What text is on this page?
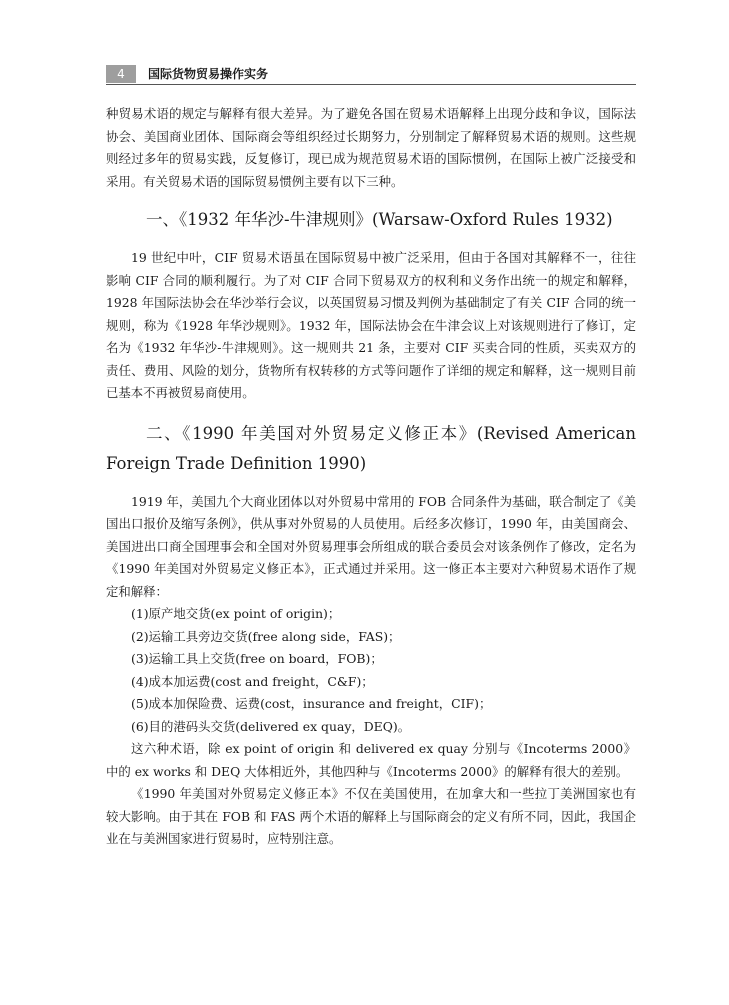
4	国际货物贸易操作实务

种贸易术语的规定与解释有很大差异。为了避免各国在贸易术语解释上出现分歧和争议，国际法协会、美国商业团体、国际商会等组织经过长期努力，分别制定了解释贸易术语的规则。这些规则经过多年的贸易实践，反复修订，现已成为规范贸易术语的国际惯例，在国际上被广泛接受和采用。有关贸易术语的国际贸易惯例主要有以下三种。

一、《1932 年华沙-牛津规则》(Warsaw-Oxford Rules 1932)

19 世纪中叶，CIF 贸易术语虽在国际贸易中被广泛采用，但由于各国对其解释不一，往往影响 CIF 合同的顺利履行。为了对 CIF 合同下贸易双方的权利和义务作出统一的规定和解释，1928 年国际法协会在华沙举行会议，以英国贸易习惯及判例为基础制定了有关 CIF 合同的统一规则，称为《1928 年华沙规则》。1932 年，国际法协会在牛津会议上对该规则进行了修订，定名为《1932 年华沙-牛津规则》。这一规则共 21 条，主要对 CIF 买卖合同的性质，买卖双方的责任、费用、风险的划分，货物所有权转移的方式等问题作了详细的规定和解释，这一规则目前已基本不再被贸易商使用。

二、《1990 年美国对外贸易定义修正本》(Revised American Foreign Trade Definition 1990)

1919 年，美国九个大商业团体以对外贸易中常用的 FOB 合同条件为基础，联合制定了《美国出口报价及缩写条例》，供从事对外贸易的人员使用。后经多次修订，1990 年，由美国商会、美国进出口商全国理事会和全国对外贸易理事会所组成的联合委员会对该条例作了修改，定名为《1990 年美国对外贸易定义修正本》，正式通过并采用。这一修正本主要对六种贸易术语作了规定和解释：

(1)原产地交货(ex point of origin)；

(2)运输工具旁边交货(free along side，FAS)；

(3)运输工具上交货(free on board，FOB)；

(4)成本加运费(cost and freight，C&F)；

(5)成本加保险费、运费(cost，insurance and freight，CIF)；

(6)目的港码头交货(delivered ex quay，DEQ)。

这六种术语，除 ex point of origin 和 delivered ex quay 分别与《Incoterms 2000》中的 ex works 和 DEQ 大体相近外，其他四种与《Incoterms 2000》的解释有很大的差别。

《1990 年美国对外贸易定义修正本》不仅在美国使用，在加拿大和一些拉丁美洲国家也有较大影响。由于其在 FOB 和 FAS 两个术语的解释上与国际商会的定义有所不同，因此，我国企业在与美洲国家进行贸易时，应特别注意。
